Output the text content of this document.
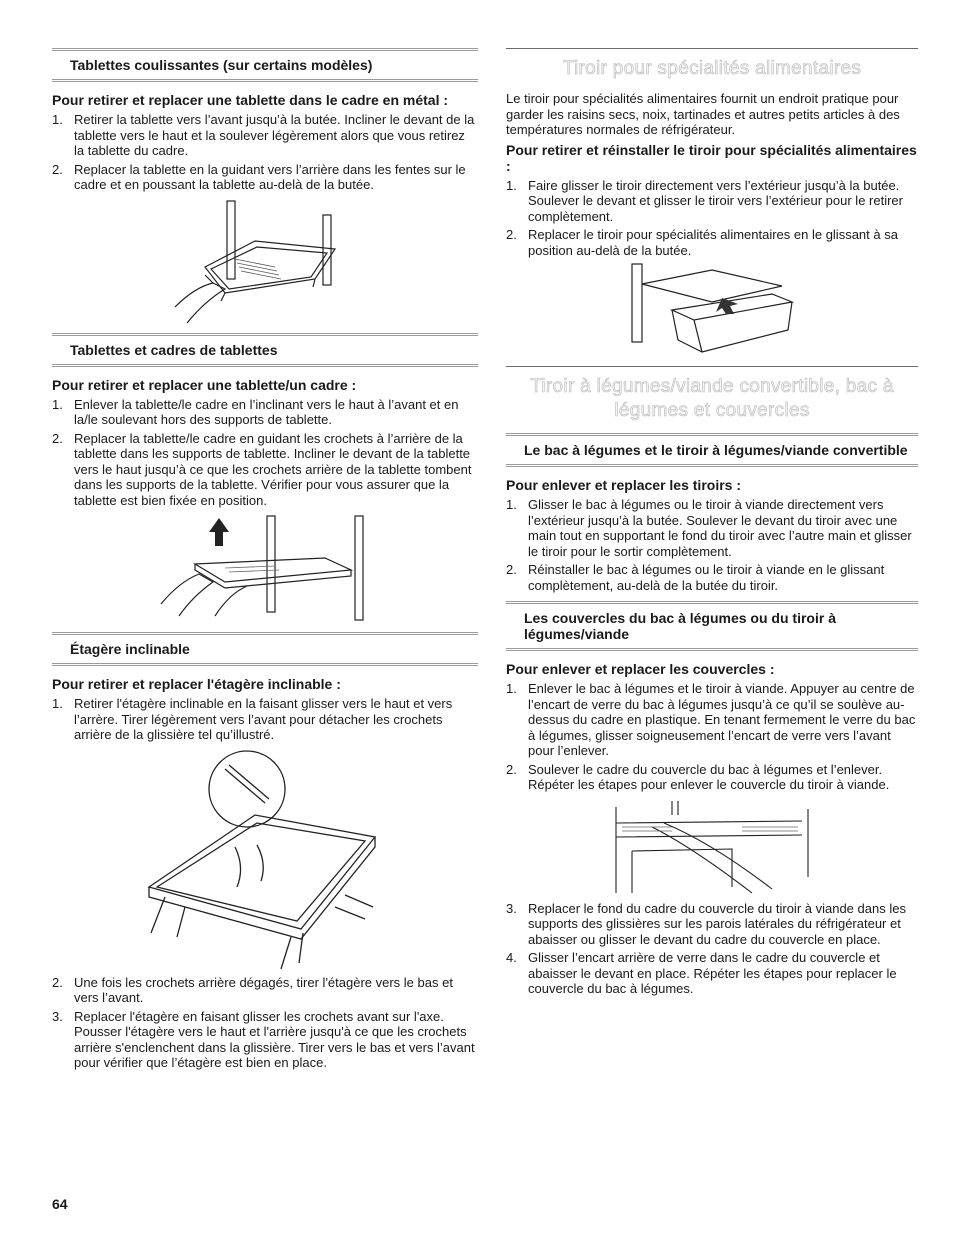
Tablettes coulissantes (sur certains modèles)
Pour retirer et replacer une tablette dans le cadre en métal :
1. Retirer la tablette vers l’avant jusqu’à la butée. Incliner le devant de la tablette vers le haut et la soulever légèrement alors que vous retirez la tablette du cadre.
2. Replacer la tablette en la guidant vers l’arrière dans les fentes sur le cadre et en poussant la tablette au-delà de la butée.
Tablettes et cadres de tablettes
Pour retirer et replacer une tablette/un cadre :
1. Enlever la tablette/le cadre en l’inclinant vers le haut à l’avant et en la/le soulevant hors des supports de tablette.
2. Replacer la tablette/le cadre en guidant les crochets à l’arrière de la tablette dans les supports de tablette. Incliner le devant de la tablette vers le haut jusqu’à ce que les crochets arrière de la tablette tombent dans les supports de la tablette. Vérifier pour vous assurer que la tablette est bien fixée en position.
Étagère inclinable
Pour retirer et replacer l'étagère inclinable :
1. Retirer l'étagère inclinable en la faisant glisser vers le haut et vers l’arrère. Tirer légèrement vers l’avant pour détacher les crochets arrière de la glissière tel qu’illustré.
2. Une fois les crochets arrière dégagés, tirer l'étagère vers le bas et vers l’avant.
3. Replacer l'étagère en faisant glisser les crochets avant sur l'axe. Pousser l'étagère vers le haut et l'arrière jusqu'à ce que les crochets arrière s'enclenchent dans la glissière. Tirer vers le bas et vers l’avant pour vérifier que l’étagère est bien en place.
Tiroir pour spécialités alimentaires

Le tiroir pour spécialités alimentaires fournit un endroit pratique pour garder les raisins secs, noix, tartinades et autres petits articles à des températures normales de réfrigérateur.

Pour retirer et réinstaller le tiroir pour spécialités alimentaires :
1. Faire glisser le tiroir directement vers l’extérieur jusqu’à la butée. Soulever le devant et glisser le tiroir vers l’extérieur pour le retirer complètement.
2. Replacer le tiroir pour spécialités alimentaires en le glissant à sa position au-delà de la butée.
Tiroir à légumes/viande convertible, bac à légumes et couvercles
Le bac à légumes et le tiroir à légumes/viande convertible
Pour enlever et replacer les tiroirs :
1. Glisser le bac à légumes ou le tiroir à viande directement vers l’extérieur jusqu’à la butée. Soulever le devant du tiroir avec une main tout en supportant le fond du tiroir avec l’autre main et glisser le tiroir pour le sortir complètement.
2. Réinstaller le bac à légumes ou le tiroir à viande en le glissant complètement, au-delà de la butée du tiroir.
Les couvercles du bac à légumes ou du tiroir à légumes/viande
Pour enlever et replacer les couvercles :
1. Enlever le bac à légumes et le tiroir à viande. Appuyer au centre de l’encart de verre du bac à légumes jusqu’à ce qu’il se soulève au-dessus du cadre en plastique. En tenant fermement le verre du bac à légumes, glisser soigneusement l’encart de verre vers l’avant pour l’enlever.
2. Soulever le cadre du couvercle du bac à légumes et l’enlever. Répéter les étapes pour enlever le couvercle du tiroir à viande.
3. Replacer le fond du cadre du couvercle du tiroir à viande dans les supports des glissières sur les parois latérales du réfrigérateur et abaisser ou glisser le devant du cadre du couvercle en place.
4. Glisser l’encart arrière de verre dans le cadre du couvercle et abaisser le devant en place. Répéter les étapes pour replacer le couvercle du bac à légumes.
64
